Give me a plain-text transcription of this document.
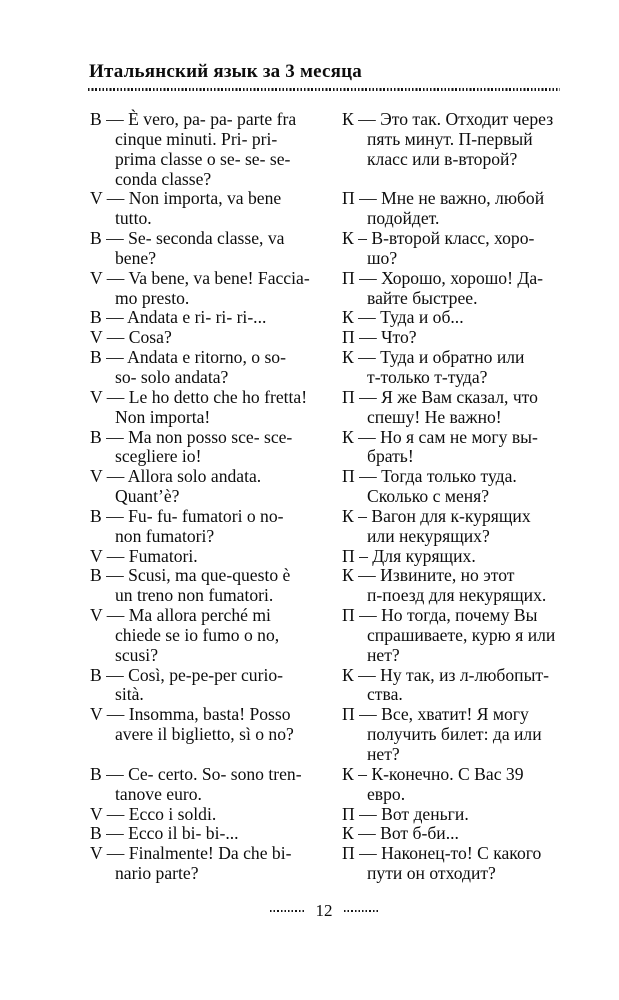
Итальянский язык за 3 месяца
B — È vero, pa- pa- parte fra
cinque minuti. Pri- pri-
prima classe o se- se- se-
conda classe?
V — Non importa, va bene
tutto.
B — Se- seconda classe, va
bene?
V — Va bene, va bene! Faccia-
mo presto.
B — Andata e ri- ri- ri-...
V — Cosa?
B — Andata e ritorno, o so-
so- solo andata?
V — Le ho detto che ho fretta!
Non importa!
B — Ma non posso sce- sce-
scegliere io!
V — Allora solo andata.
Quant’è?
B — Fu- fu- fumatori o no-
non fumatori?
V — Fumatori.
B — Scusi, ma que-questo è
un treno non fumatori.
V — Ma allora perché mi
chiede se io fumo o no,
scusi?
B — Così, pe-pe-per curio-
sità.
V — Insomma, basta! Posso
avere il biglietto, sì o no?
B — Ce- certo. So- sono tren-
tanove euro.
V — Ecco i soldi.
B — Ecco il bi- bi-...
V — Finalmente! Da che bi-
nario parte?
К — Это так. Отходит через
пять минут. П-первый
класс или в-второй?
П — Мне не важно, любой
подойдет.
К – В-второй класс, хоро-
шо?
П — Хорошо, хорошо! Да-
вайте быстрее.
К — Туда и об...
П — Что?
К — Туда и обратно или
т-только т-туда?
П — Я же Вам сказал, что
спешу! Не важно!
К — Но я сам не могу вы-
брать!
П — Тогда только туда.
Сколько с меня?
К – Вагон для к-курящих
или некурящих?
П – Для курящих.
К — Извините, но этот
п-поезд для некурящих.
П — Но тогда, почему Вы
спрашиваете, курю я или
нет?
К — Ну так, из л-любопыт-
ства.
П — Все, хватит! Я могу
получить билет: да или
нет?
К – К-конечно. С Вас 39
евро.
П — Вот деньги.
К — Вот б-би...
П — Наконец-то! С какого
пути он отходит?
12
